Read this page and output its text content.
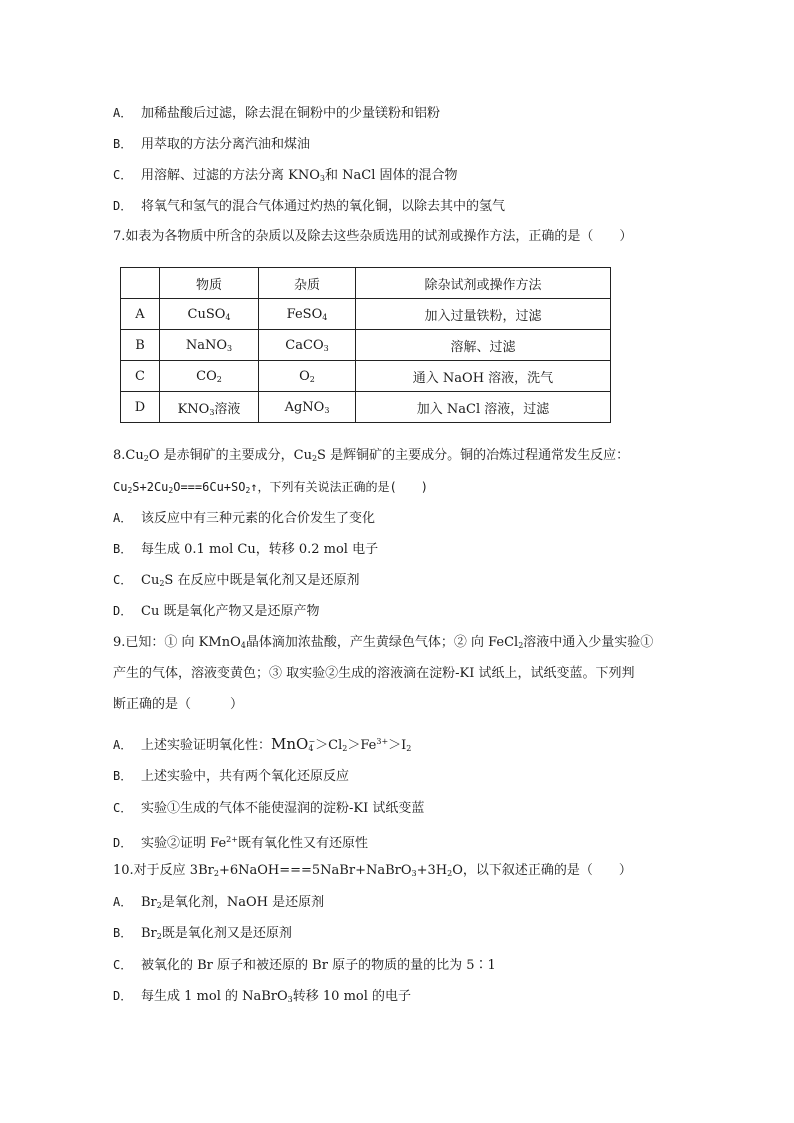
A． 加稀盐酸后过滤，除去混在铜粉中的少量镁粉和铝粉
B． 用萃取的方法分离汽油和煤油
C． 用溶解、过滤的方法分离 $KNO_3$和 NaCl 固体的混合物
D． 将氧气和氢气的混合气体通过灼热的氧化铜，以除去其中的氢气
7.如表为各物质中所含的杂质以及除去这些杂质选用的试剂或操作方法，正确的是（　　）
	物质	杂质	除杂试剂或操作方法
A	CuSO$_4$	FeSO$_4$	加入过量铁粉，过滤
B	NaNO$_3$	CaCO$_3$	溶解、过滤
C	$CO_2$	$O_2$	通入 NaOH 溶液，洗气
D	$KNO_3$溶液	AgNO$_3$	加入 NaCl 溶液，过滤
$8.Cu_2O$ 是赤铜矿的主要成分，$Cu_2S$ 是辉铜矿的主要成分。铜的冶炼过程通常发生反应：
$Cu_2S+2Cu_2O===6Cu+SO_2↑$，下列有关说法正确的是(　　)
A． 该反应中有三种元素的化合价发生了变化
B． 每生成 0.1 mol Cu，转移 0.2 mol 电子
C． $Cu_2S$ 在反应中既是氧化剂又是还原剂
D． Cu 既是氧化产物又是还原产物
9.已知：① 向 KMnO$_4$晶体滴加浓盐酸，产生黄绿色气体；② 向 FeCl$_2$溶液中通入少量实验①
产生的气体，溶液变黄色；③ 取实验②生成的溶液滴在淀粉-KI 试纸上，试纸变蓝。下列判
断正确的是（　　　）
A． 上述实验证明氧化性：$MnO_4^->Cl_2>Fe^{3+}>I_2$
B． 上述实验中，共有两个氧化还原反应
C． 实验①生成的气体不能使湿润的淀粉-KI 试纸变蓝
D． 实验②证明 $Fe^{2+}$既有氧化性又有还原性
10.对于反应 $3Br_2+6NaOH===5NaBr+NaBrO_3+3H_2O$，以下叙述正确的是（　　）
A． $Br_2$是氧化剂，NaOH 是还原剂
B． $Br_2$既是氧化剂又是还原剂
C． 被氧化的 Br 原子和被还原的 Br 原子的物质的量的比为 5∶1
D． 每生成 1 mol 的 NaBrO$_3$转移 10 mol 的电子
